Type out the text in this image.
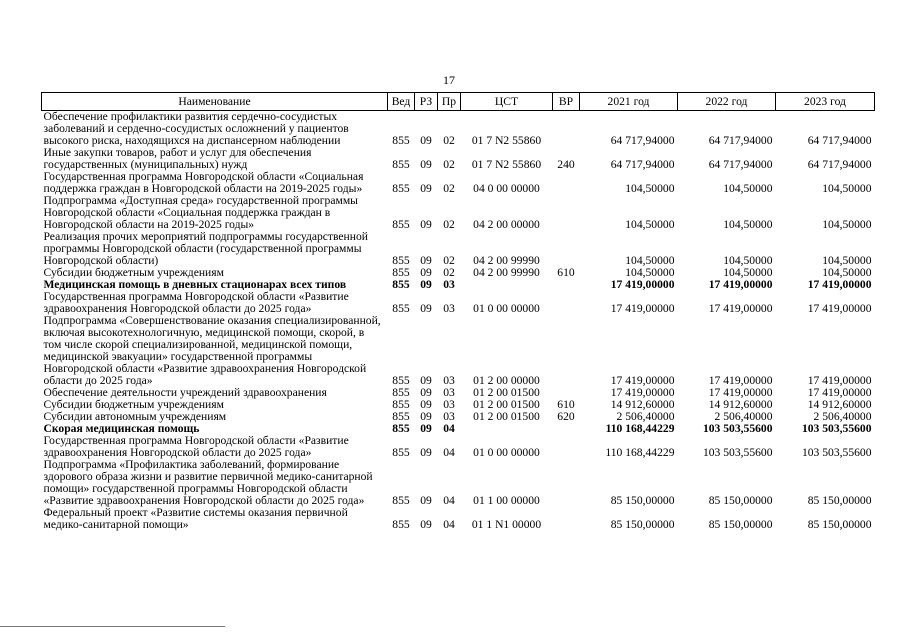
17
Наименование	Вед	РЗ	Пр	ЦСТ	ВР	2021 год	2022 год	2023 год
Обеспечение профилактики развития сердечно-сосудистых заболеваний и сердечно-сосудистых осложнений у пациентов высокого риска, находящихся на диспансерном наблюдении	855	09	02	01 7 N2 55860		64 717,94000	64 717,94000	64 717,94000
Иные закупки товаров, работ и услуг для обеспечения государственных (муниципальных) нужд	855	09	02	01 7 N2 55860	240	64 717,94000	64 717,94000	64 717,94000
Государственная программа Новгородской области «Социальная поддержка граждан в Новгородской области на 2019-2025 годы»	855	09	02	04 0 00 00000		104,50000	104,50000	104,50000
Подпрограмма «Доступная среда» государственной программы Новгородской области «Социальная поддержка граждан в Новгородской области на 2019-2025 годы»	855	09	02	04 2 00 00000		104,50000	104,50000	104,50000
Реализация прочих мероприятий подпрограммы государственной программы Новгородской области (государственной программы Новгородской области)	855	09	02	04 2 00 99990		104,50000	104,50000	104,50000
Субсидии бюджетным учреждениям	855	09	02	04 2 00 99990	610	104,50000	104,50000	104,50000
Медицинская помощь в дневных стационарах всех типов	855	09	03			17 419,00000	17 419,00000	17 419,00000
Государственная программа Новгородской области «Развитие здравоохранения Новгородской области до 2025 года»	855	09	03	01 0 00 00000		17 419,00000	17 419,00000	17 419,00000
Подпрограмма «Совершенствование оказания специализированной, включая высокотехнологичную, медицинской помощи, скорой, в том числе скорой специализированной, медицинской помощи, медицинской эвакуации» государственной программы Новгородской области «Развитие здравоохранения Новгородской области до 2025 года»	855	09	03	01 2 00 00000		17 419,00000	17 419,00000	17 419,00000
Обеспечение деятельности учреждений здравоохранения	855	09	03	01 2 00 01500		17 419,00000	17 419,00000	17 419,00000
Субсидии бюджетным учреждениям	855	09	03	01 2 00 01500	610	14 912,60000	14 912,60000	14 912,60000
Субсидии автономным учреждениям	855	09	03	01 2 00 01500	620	2 506,40000	2 506,40000	2 506,40000
Скорая медицинская помощь	855	09	04			110 168,44229	103 503,55600	103 503,55600
Государственная программа Новгородской области «Развитие здравоохранения Новгородской области до 2025 года»	855	09	04	01 0 00 00000		110 168,44229	103 503,55600	103 503,55600
Подпрограмма «Профилактика заболеваний, формирование здорового образа жизни и развитие первичной медико-санитарной помощи» государственной программы Новгородской области «Развитие здравоохранения Новгородской области до 2025 года»	855	09	04	01 1 00 00000		85 150,00000	85 150,00000	85 150,00000
Федеральный проект «Развитие системы оказания первичной медико-санитарной помощи»	855	09	04	01 1 N1 00000		85 150,00000	85 150,00000	85 150,00000
